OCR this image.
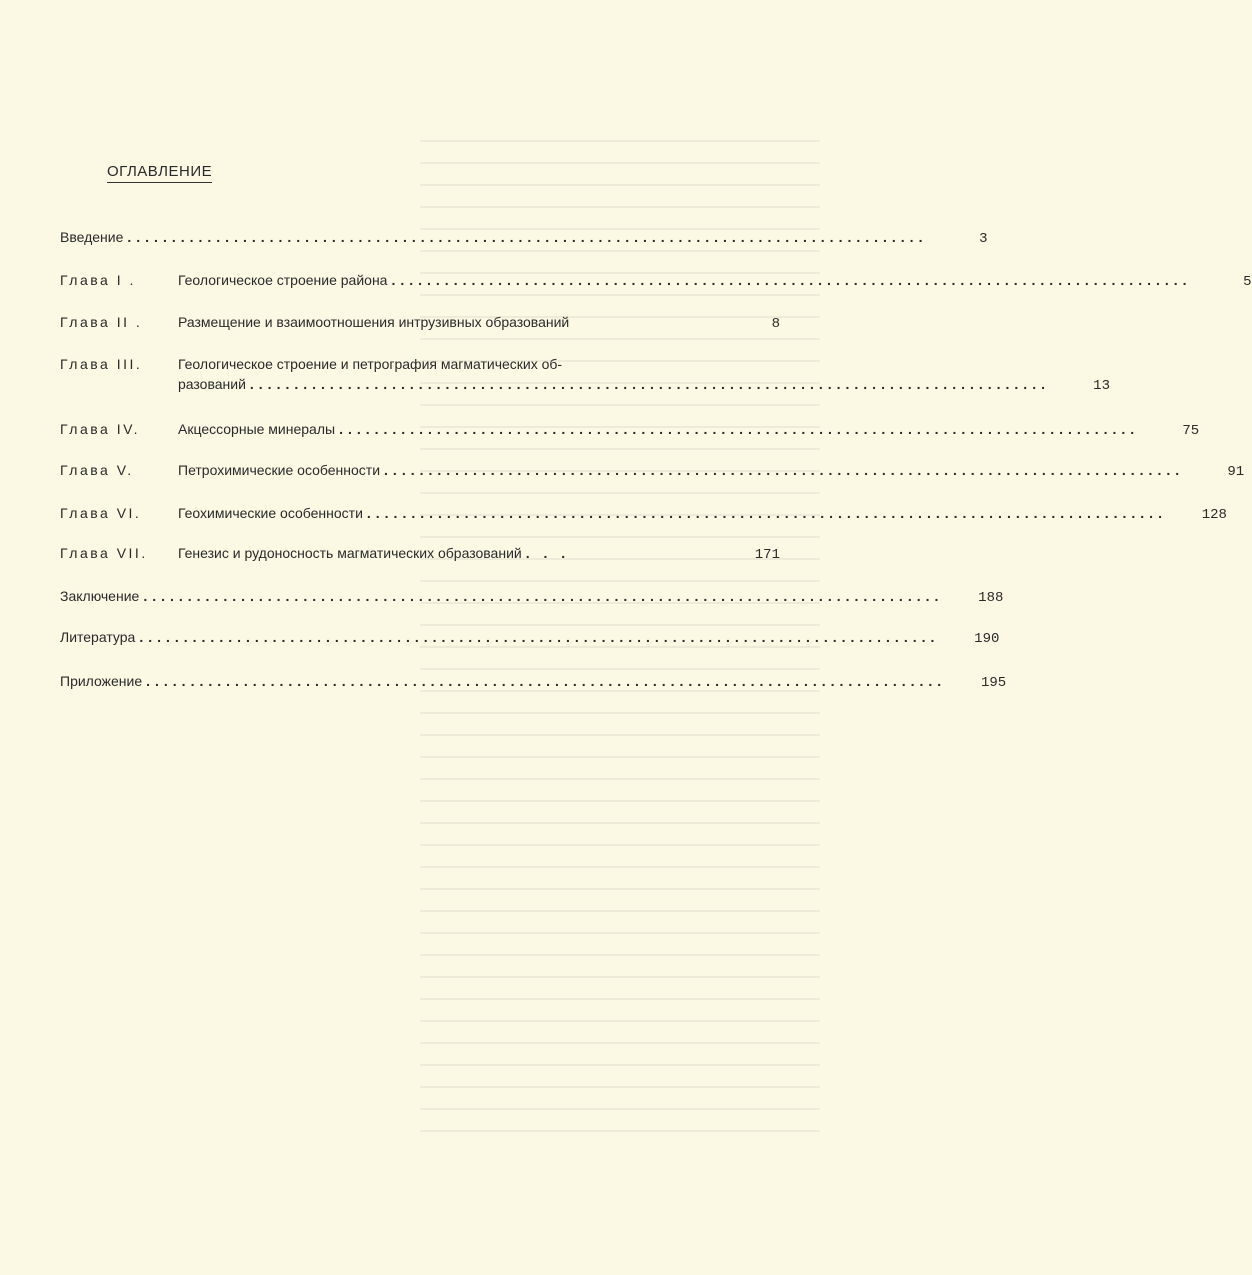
ОГЛАВЛЕНИЕ
Введение ..........................................................................................	3
Глава I .	Геологическое строение района ..........................................................................................	5
Глава II .	Размещение и взаимоотношения интрузивных образований	8
Глава III.	Геологическое строение и петрография магматических об-
разований ..........................................................................................	13
Глава IV.	Акцессорные минералы ..........................................................................................	75
Глава V.	Петрохимические особенности ..........................................................................................	91
Глава VI.	Геохимические особенности ..........................................................................................	128
Глава VII.	Генезис и рудоносность магматических образований . . .	171
Заключение ..........................................................................................	188
Литература ..........................................................................................	190
Приложение ..........................................................................................	195
